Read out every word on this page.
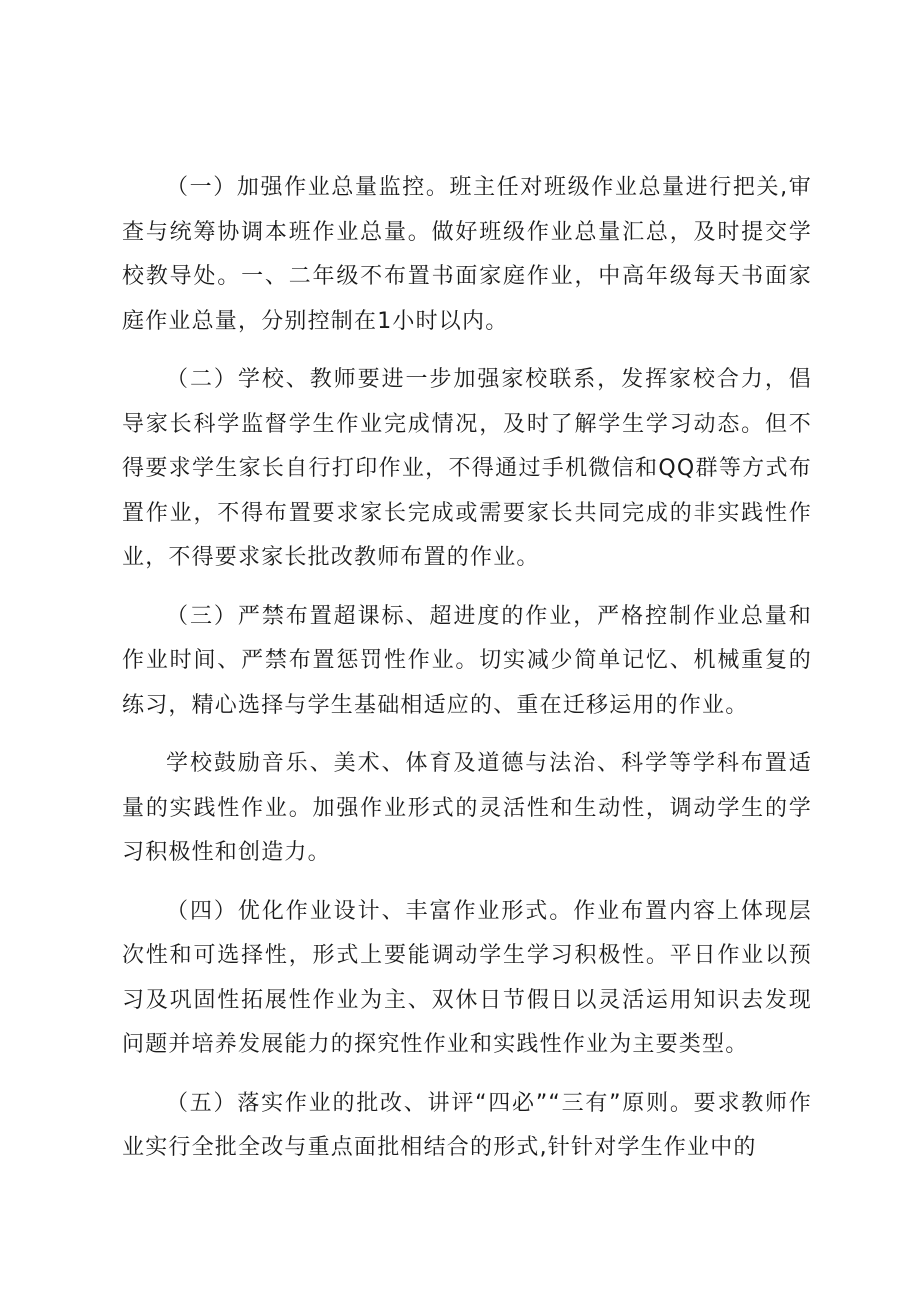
（一）加强作业总量监控。班主任对班级作业总量进行把关,审查与统筹协调本班作业总量。做好班级作业总量汇总，及时提交学校教导处。一、二年级不布置书面家庭作业，中高年级每天书面家庭作业总量，分别控制在1小时以内。

（二）学校、教师要进一步加强家校联系，发挥家校合力，倡导家长科学监督学生作业完成情况，及时了解学生学习动态。但不得要求学生家长自行打印作业，不得通过手机微信和QQ群等方式布置作业，不得布置要求家长完成或需要家长共同完成的非实践性作业，不得要求家长批改教师布置的作业。

（三）严禁布置超课标、超进度的作业，严格控制作业总量和作业时间、严禁布置惩罚性作业。切实减少简单记忆、机械重复的练习，精心选择与学生基础相适应的、重在迁移运用的作业。

学校鼓励音乐、美术、体育及道德与法治、科学等学科布置适量的实践性作业。加强作业形式的灵活性和生动性，调动学生的学习积极性和创造力。

（四）优化作业设计、丰富作业形式。作业布置内容上体现层次性和可选择性，形式上要能调动学生学习积极性。平日作业以预习及巩固性拓展性作业为主、双休日节假日以灵活运用知识去发现问题并培养发展能力的探究性作业和实践性作业为主要类型。

（五）落实作业的批改、讲评“四必”“三有”原则。要求教师作业实行全批全改与重点面批相结合的形式,针针对学生作业中的
